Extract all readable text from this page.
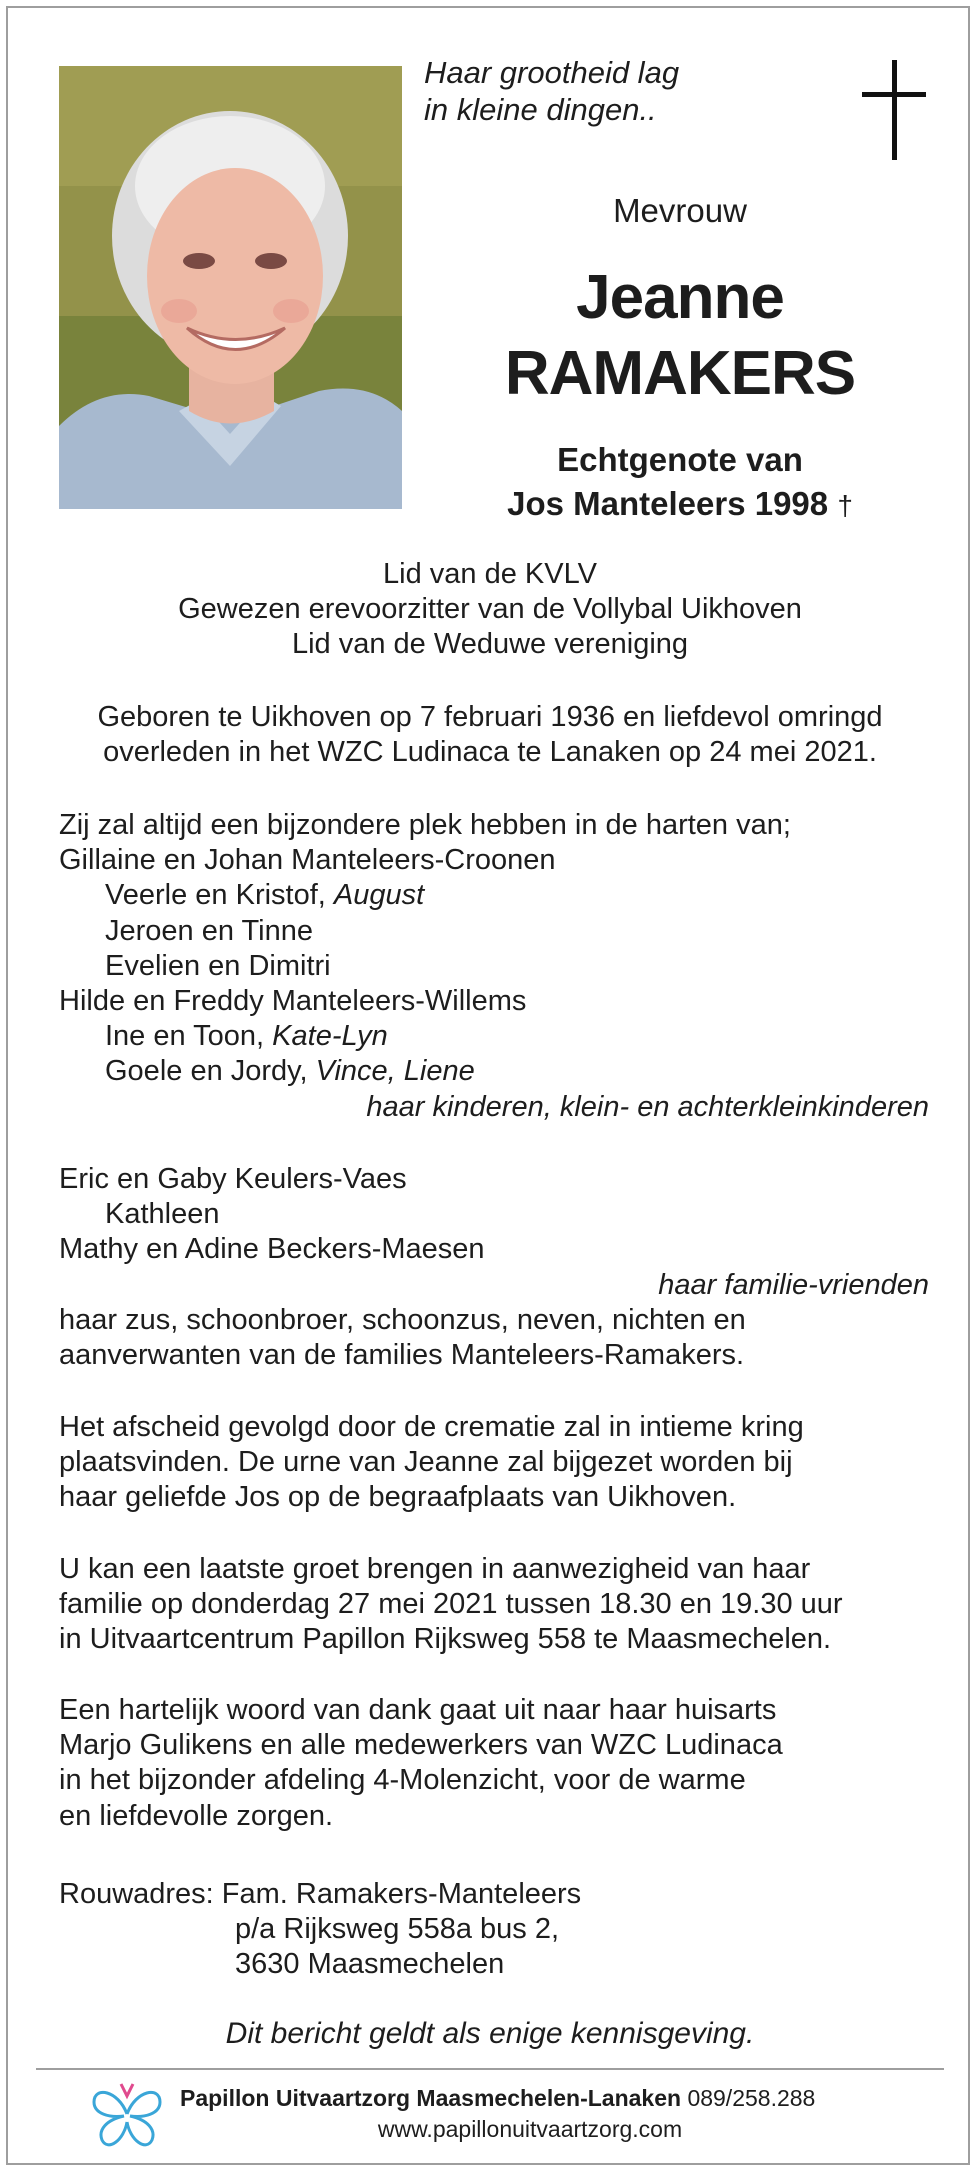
Haar grootheid lag
in kleine dingen..
Mevrouw
Jeanne
RAMAKERS
Echtgenote van
Jos Manteleers 1998 †
Lid van de KVLV
Gewezen erevoorzitter van de Vollybal Uikhoven
Lid van de Weduwe vereniging
Geboren te Uikhoven op 7 februari 1936 en liefdevol omringd
overleden in het WZC Ludinaca te Lanaken op 24 mei 2021.
Zij zal altijd een bijzondere plek hebben in de harten van;
Gillaine en Johan Manteleers-Croonen
Veerle en Kristof, August
Jeroen en Tinne
Evelien en Dimitri
Hilde en Freddy Manteleers-Willems
Ine en Toon, Kate-Lyn
Goele en Jordy, Vince, Liene
haar kinderen, klein- en achterkleinkinderen
Eric en Gaby Keulers-Vaes
Kathleen
Mathy en Adine Beckers-Maesen
haar familie-vrienden
haar zus, schoonbroer, schoonzus, neven, nichten en
aanverwanten van de families Manteleers-Ramakers.
Het afscheid gevolgd door de crematie zal in intieme kring
plaatsvinden. De urne van Jeanne zal bijgezet worden bij
haar geliefde Jos op de begraafplaats van Uikhoven.
U kan een laatste groet brengen in aanwezigheid van haar
familie op donderdag 27 mei 2021 tussen 18.30 en 19.30 uur
in Uitvaartcentrum Papillon Rijksweg 558 te Maasmechelen.
Een hartelijk woord van dank gaat uit naar haar huisarts
Marjo Gulikens en alle medewerkers van WZC Ludinaca
in het bijzonder afdeling 4-Molenzicht, voor de warme
en liefdevolle zorgen.
Rouwadres: Fam. Ramakers-Manteleers
p/a Rijksweg 558a bus 2,
3630 Maasmechelen
Dit bericht geldt als enige kennisgeving.
Papillon Uitvaartzorg Maasmechelen-Lanaken 089/258.288
www.papillonuitvaartzorg.com
